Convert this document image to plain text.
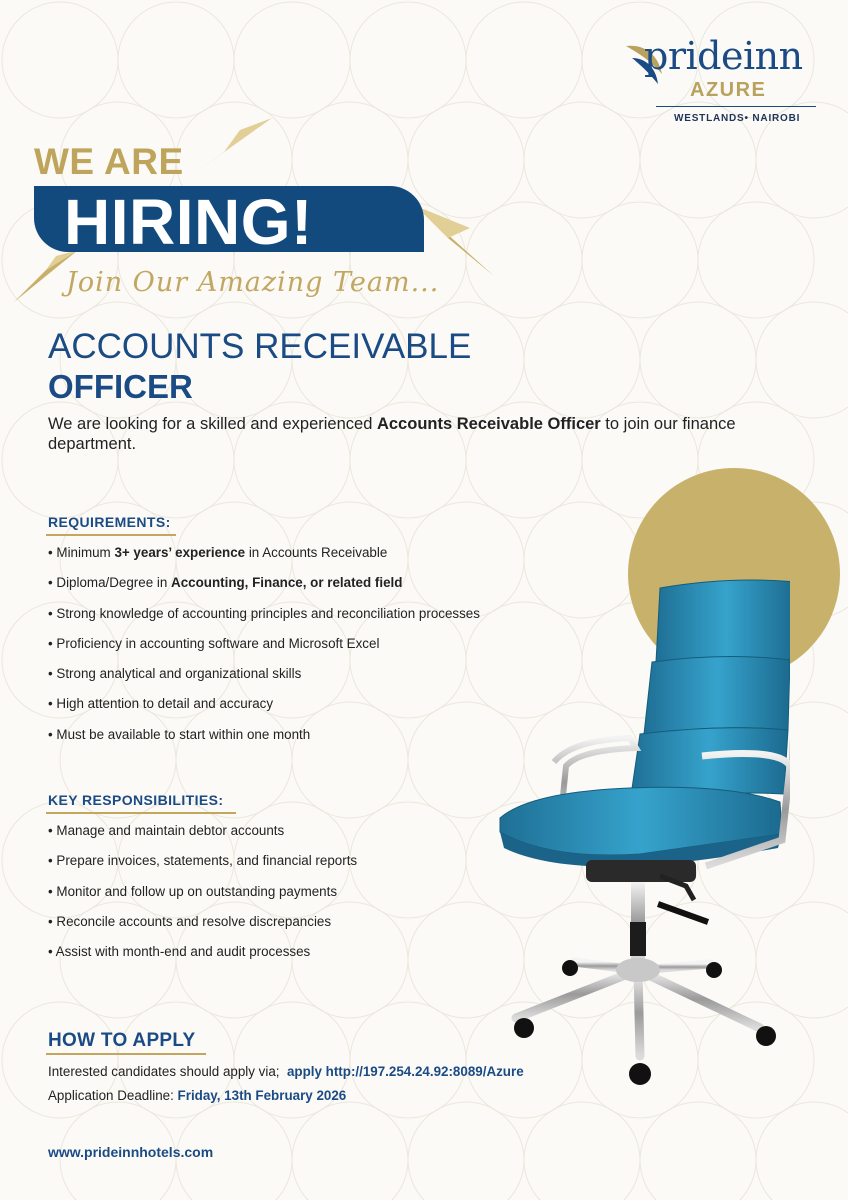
prideinn
AZURE
WESTLANDS• NAIROBI
WE ARE
HIRING!
Join Our Amazing Team...
ACCOUNTS RECEIVABLE
OFFICER
We are looking for a skilled and experienced Accounts Receivable Officer to join our finance department.
REQUIREMENTS:
• Minimum 3+ years’ experience in Accounts Receivable
• Diploma/Degree in Accounting, Finance, or related field
• Strong knowledge of accounting principles and reconciliation processes
• Proficiency in accounting software and Microsoft Excel
• Strong analytical and organizational skills
• High attention to detail and accuracy
• Must be available to start within one month
KEY RESPONSIBILITIES:
• Manage and maintain debtor accounts
• Prepare invoices, statements, and financial reports
• Monitor and follow up on outstanding payments
• Reconcile accounts and resolve discrepancies
• Assist with month-end and audit processes
HOW TO APPLY
Interested candidates should apply via; apply http://197.254.24.92:8089/Azure
Application Deadline: Friday, 13th February 2026
www.prideinnhotels.com
